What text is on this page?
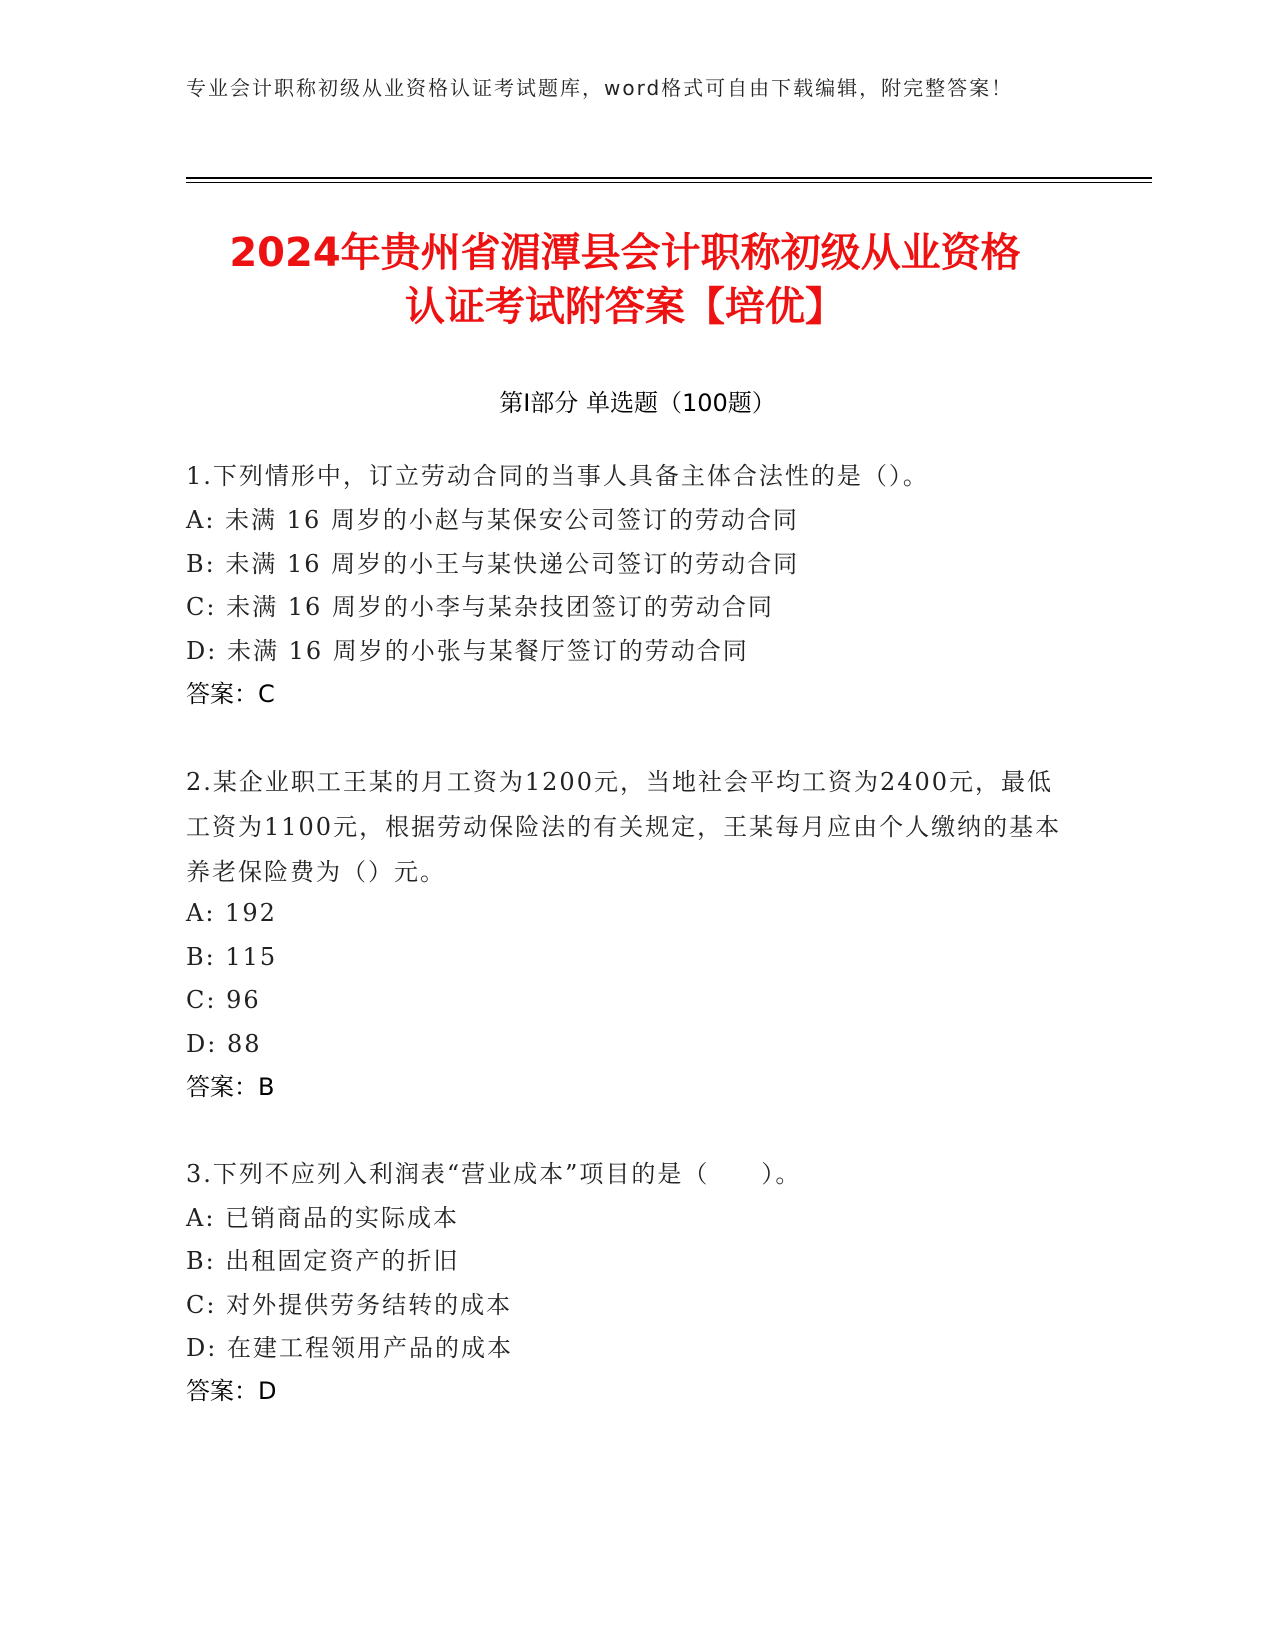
专业会计职称初级从业资格认证考试题库，word格式可自由下载编辑，附完整答案！
2024年贵州省湄潭县会计职称初级从业资格
认证考试附答案【培优】
第I部分 单选题（100题）
1.下列情形中，订立劳动合同的当事人具备主体合法性的是（）。
A: 未满 16 周岁的小赵与某保安公司签订的劳动合同
B: 未满 16 周岁的小王与某快递公司签订的劳动合同
C: 未满 16 周岁的小李与某杂技团签订的劳动合同
D: 未满 16 周岁的小张与某餐厅签订的劳动合同
答案：C
2.某企业职工王某的月工资为1200元，当地社会平均工资为2400元，最低工资为1100元，根据劳动保险法的有关规定，王某每月应由个人缴纳的基本养老保险费为（）元。
A: 192
B: 115
C: 96
D: 88
答案：B
3.下列不应列入利润表“营业成本”项目的是（　　）。
A: 已销商品的实际成本
B: 出租固定资产的折旧
C: 对外提供劳务结转的成本
D: 在建工程领用产品的成本
答案：D
